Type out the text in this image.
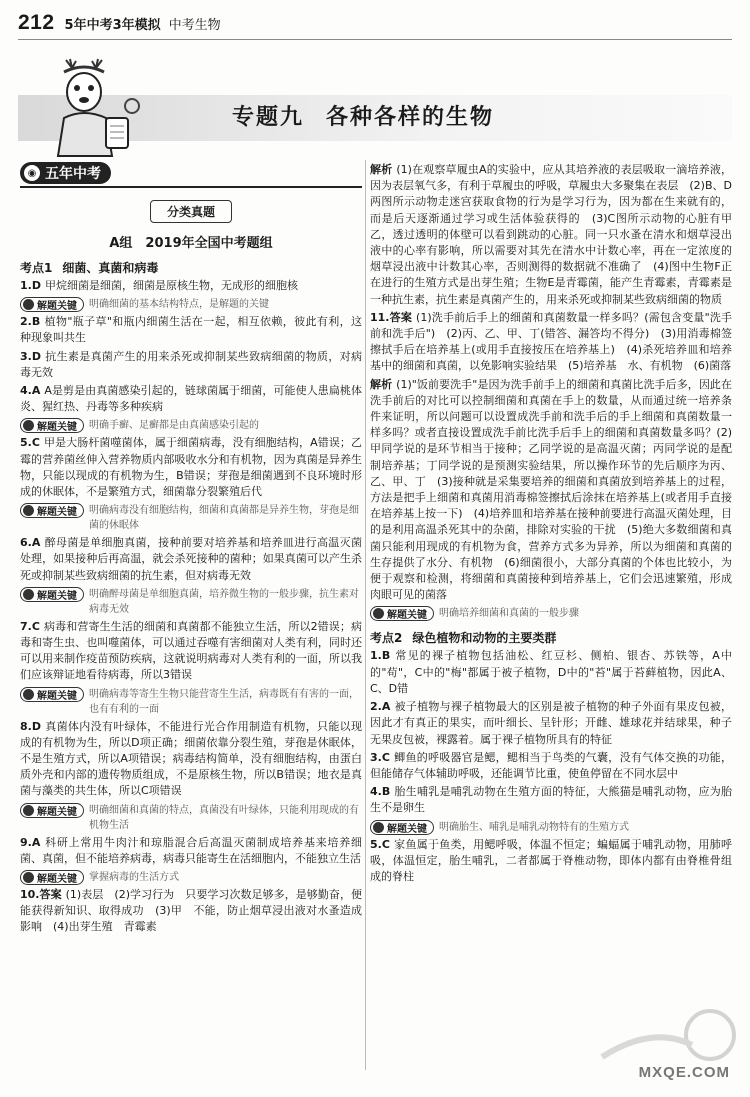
212 5年中考3年模拟 中考生物
专题九 各种各样的生物
◉ 五年中考
分类真题
A组　2019年全国中考题组
考点1 细菌、真菌和病毒
1.D 甲烷细菌是细菌，细菌是原核生物，无成形的细胞核
解题关键 明确细菌的基本结构特点，是解题的关键
2.B 植物"瓶子草"和瓶内细菌生活在一起，相互依赖，彼此有利，这种现象叫共生
3.D 抗生素是真菌产生的用来杀死或抑制某些致病细菌的物质，对病毒无效
4.A A是剪是由真菌感染引起的，链球菌属于细菌，可能使人患扁桃体炎、猩红热、丹毒等多种疾病
解题关键 明确手癣、足癣都是由真菌感染引起的
5.C 甲是大肠杆菌噬菌体，属于细菌病毒，没有细胞结构，A错误；乙霉的营养菌丝伸入营养物质内部吸收水分和有机物，因为真菌是异养生物，只能以现成的有机物为生，B错误；芽孢是细菌遇到不良环境时形成的休眠体，不是繁殖方式，细菌靠分裂繁殖后代
解题关键 明确病毒没有细胞结构，细菌和真菌都是异养生物，芽孢是细菌的休眠体
6.A 醉母菌是单细胞真菌，接种前要对培养基和培养皿进行高温灭菌处理，如果接种后再高温，就会杀死接种的菌种；如果真菌可以产生杀死或抑制某些致病细菌的抗生素，但对病毒无效
解题关键 明确醉母菌是单细胞真菌，培养微生物的一般步骤，抗生素对病毒无效
7.C 病毒和营寄生生活的细菌和真菌都不能独立生活，所以2错误；病毒和寄生虫、也叫噬菌体，可以通过吞噬有害细菌对人类有利，同时还可以用来制作疫苗预防疾病，这就说明病毒对人类有利的一面，所以我们应该辩证地看待病毒，所以3错误
解题关键 明确病毒等寄生生物只能营寄生生活，病毒既有有害的一面，也有有利的一面
8.D 真菌体内没有叶绿体，不能进行光合作用制造有机物，只能以现成的有机物为生，所以D项正确；细菌依靠分裂生殖，芽孢是休眠体，不是生殖方式，所以A项错误；病毒结构简单，没有细胞结构，由蛋白质外壳和内部的遗传物质组成，不是原核生物，所以B错误；地衣是真菌与藻类的共生体，所以C项错误
解题关键 明确细菌和真菌的特点，真菌没有叶绿体，只能利用现成的有机物生活
9.A 科研上常用牛肉汁和琼脂混合后高温灭菌制成培养基来培养细菌、真菌，但不能培养病毒，病毒只能寄生在活细胞内，不能独立生活
解题关键 掌握病毒的生活方式
10.答案 (1)表层　(2)学习行为　只要学习次数足够多，是够勤奋，便能获得新知识、取得成功　(3)甲　不能，防止烟草浸出液对水蚤造成影响　(4)出芽生殖　青霉素
解析 (1)在观察草履虫A的实验中，应从其培养液的表层吸取一滴培养液，因为表层氧气多，有利于草履虫的呼吸，草履虫大多聚集在表层　(2)B、D两图所示动物走迷宫获取食物的行为是学习行为，因为都在生来就有的，而是后天逐渐通过学习或生活体验获得的　(3)C图所示动物的心脏有甲乙，透过透明的体壁可以看到跳动的心脏。同一只水蚤在清水和烟草浸出液中的心率有影响，所以需要对其先在清水中计数心率，再在一定浓度的烟草浸出液中计数其心率，否则测得的数据就不准确了　(4)图中生物F正在进行的生殖方式是出芽生殖；生物E是青霉菌，能产生青霉素，青霉素是一种抗生素，抗生素是真菌产生的，用来杀死或抑制某些致病细菌的物质
11.答案 (1)洗手前后手上的细菌和真菌数量一样多吗？(需包含变量"洗手前和洗手后")　(2)丙、乙、甲、丁(错答、漏答均不得分)　(3)用消毒棉签擦拭手后在培养基上(或用手直接按压在培养基上)　(4)杀死培养皿和培养基中的细菌和真菌，以免影响实验结果　(5)培养基　水、有机物　(6)菌落
解析 (1)"饭前要洗手"是因为洗手前手上的细菌和真菌比洗手后多，因此在洗手前后的对比可以控制细菌和真菌在手上的数量，从而通过统一培养条件来证明，所以问题可以设置成洗手前和洗手后的手上细菌和真菌数量一样多吗？或者直接设置成洗手前比洗手后手上的细菌和真菌数量多吗？(2)甲同学说的是环节相当于接种；乙同学说的是高温灭菌；丙同学说的是配制培养基；丁同学说的是预测实验结果，所以操作环节的先后顺序为丙、乙、甲、丁　(3)接种就是采集要培养的细菌和真菌放到培养基上的过程，方法是把手上细菌和真菌用消毒棉签擦拭后涂抹在培养基上(或者用手直接在培养基上按一下)　(4)培养皿和培养基在接种前要进行高温灭菌处理，目的是利用高温杀死其中的杂菌，排除对实验的干扰　(5)绝大多数细菌和真菌只能利用现成的有机物为食，营养方式多为异养，所以为细菌和真菌的生存提供了水分、有机物　(6)细菌很小，大部分真菌的个体也比较小，为便于观察和检测，将细菌和真菌接种到培养基上，它们会迅速繁殖，形成肉眼可见的菌落
解题关键 明确培养细菌和真菌的一般步骤
考点2 绿色植物和动物的主要类群
1.B 常见的裸子植物包括油松、红豆杉、侧柏、银杏、苏铁等，A中的"苟"，C中的"梅"都属于被子植物，D中的"苔"属于苔藓植物，因此A、C、D错
2.A 被子植物与裸子植物最大的区别是被子植物的种子外面有果皮包被，因此才有真正的果实，而叶细长、呈针形；开雌、雄球花并结球果，种子无果皮包被，裸露着。属于裸子植物所具有的特征
3.C 鲫鱼的呼吸器官是鳃，鳃相当于鸟类的气囊，没有气体交换的功能，但能储存气体辅助呼吸，还能调节比重，使鱼停留在不同水层中
4.B 胎生哺乳是哺乳动物在生殖方面的特征，大熊猫是哺乳动物，应为胎生不是卵生
解题关键 明确胎生、哺乳是哺乳动物特有的生殖方式
5.C 家鱼属于鱼类，用鳃呼吸，体温不恒定；蝙蝠属于哺乳动物，用肺呼吸，体温恒定，胎生哺乳，二者都属于脊椎动物，即体内都有由脊椎骨组成的脊柱
MXQE.COM
